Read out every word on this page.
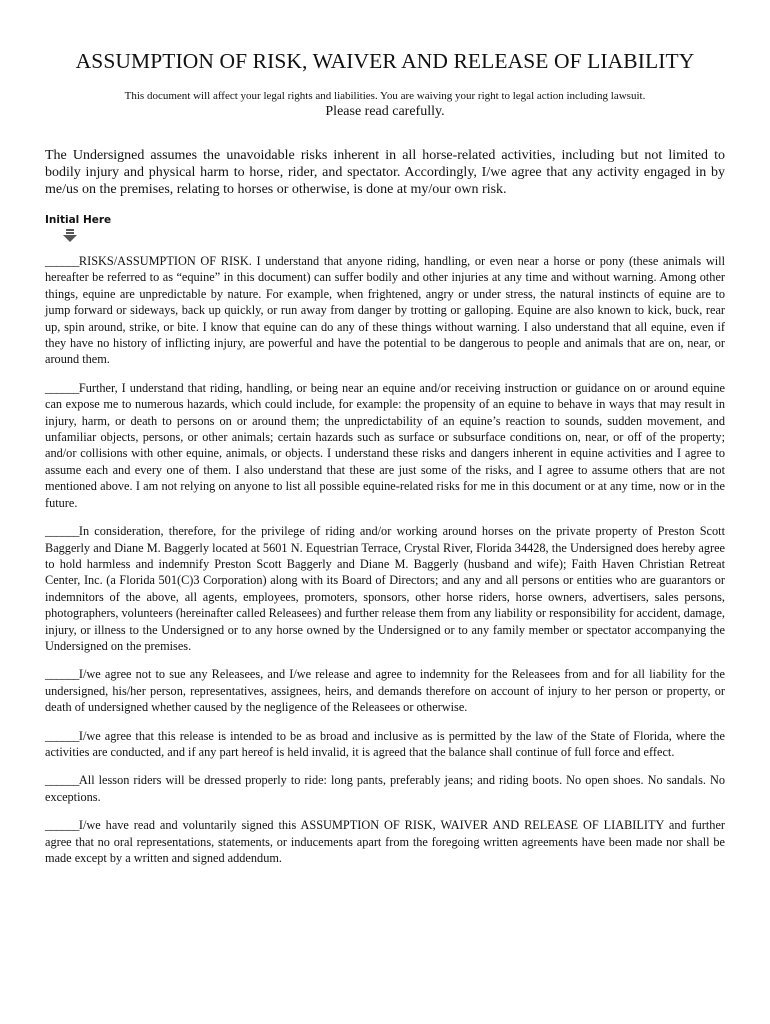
ASSUMPTION OF RISK, WAIVER AND RELEASE OF LIABILITY

This document will affect your legal rights and liabilities. You are waiving your right to legal action including lawsuit.

Please read carefully.

The Undersigned assumes the unavoidable risks inherent in all horse-related activities, including but not limited to bodily injury and physical harm to horse, rider, and spectator. Accordingly, I/we agree that any activity engaged in by me/us on the premises, relating to horses or otherwise, is done at my/our own risk.

Initial Here

______RISKS/ASSUMPTION OF RISK. I understand that anyone riding, handling, or even near a horse or pony (these animals will hereafter be referred to as “equine” in this document) can suffer bodily and other injuries at any time and without warning. Among other things, equine are unpredictable by nature. For example, when frightened, angry or under stress, the natural instincts of equine are to jump forward or sideways, back up quickly, or run away from danger by trotting or galloping. Equine are also known to kick, buck, rear up, spin around, strike, or bite. I know that equine can do any of these things without warning. I also understand that all equine, even if they have no history of inflicting injury, are powerful and have the potential to be dangerous to people and animals that are on, near, or around them.

______Further, I understand that riding, handling, or being near an equine and/or receiving instruction or guidance on or around equine can expose me to numerous hazards, which could include, for example: the propensity of an equine to behave in ways that may result in injury, harm, or death to persons on or around them; the unpredictability of an equine’s reaction to sounds, sudden movement, and unfamiliar objects, persons, or other animals; certain hazards such as surface or subsurface conditions on, near, or off of the property; and/or collisions with other equine, animals, or objects. I understand these risks and dangers inherent in equine activities and I agree to assume each and every one of them. I also understand that these are just some of the risks, and I agree to assume others that are not mentioned above. I am not relying on anyone to list all possible equine-related risks for me in this document or at any time, now or in the future.

______In consideration, therefore, for the privilege of riding and/or working around horses on the private property of Preston Scott Baggerly and Diane M. Baggerly located at 5601 N. Equestrian Terrace, Crystal River, Florida 34428, the Undersigned does hereby agree to hold harmless and indemnify Preston Scott Baggerly and Diane M. Baggerly (husband and wife); Faith Haven Christian Retreat Center, Inc. (a Florida 501(C)3 Corporation) along with its Board of Directors; and any and all persons or entities who are guarantors or indemnitors of the above, all agents, employees, promoters, sponsors, other horse riders, horse owners, advertisers, sales persons, photographers, volunteers (hereinafter called Releasees) and further release them from any liability or responsibility for accident, damage, injury, or illness to the Undersigned or to any horse owned by the Undersigned or to any family member or spectator accompanying the Undersigned on the premises.

______I/we agree not to sue any Releasees, and I/we release and agree to indemnity for the Releasees from and for all liability for the undersigned, his/her person, representatives, assignees, heirs, and demands therefore on account of injury to her person or property, or death of undersigned whether caused by the negligence of the Releasees or otherwise.

______I/we agree that this release is intended to be as broad and inclusive as is permitted by the law of the State of Florida, where the activities are conducted, and if any part hereof is held invalid, it is agreed that the balance shall continue of full force and effect.

______All lesson riders will be dressed properly to ride: long pants, preferably jeans; and riding boots. No open shoes. No sandals. No exceptions.

______I/we have read and voluntarily signed this ASSUMPTION OF RISK, WAIVER AND RELEASE OF LIABILITY and further agree that no oral representations, statements, or inducements apart from the foregoing written agreements have been made nor shall be made except by a written and signed addendum.
